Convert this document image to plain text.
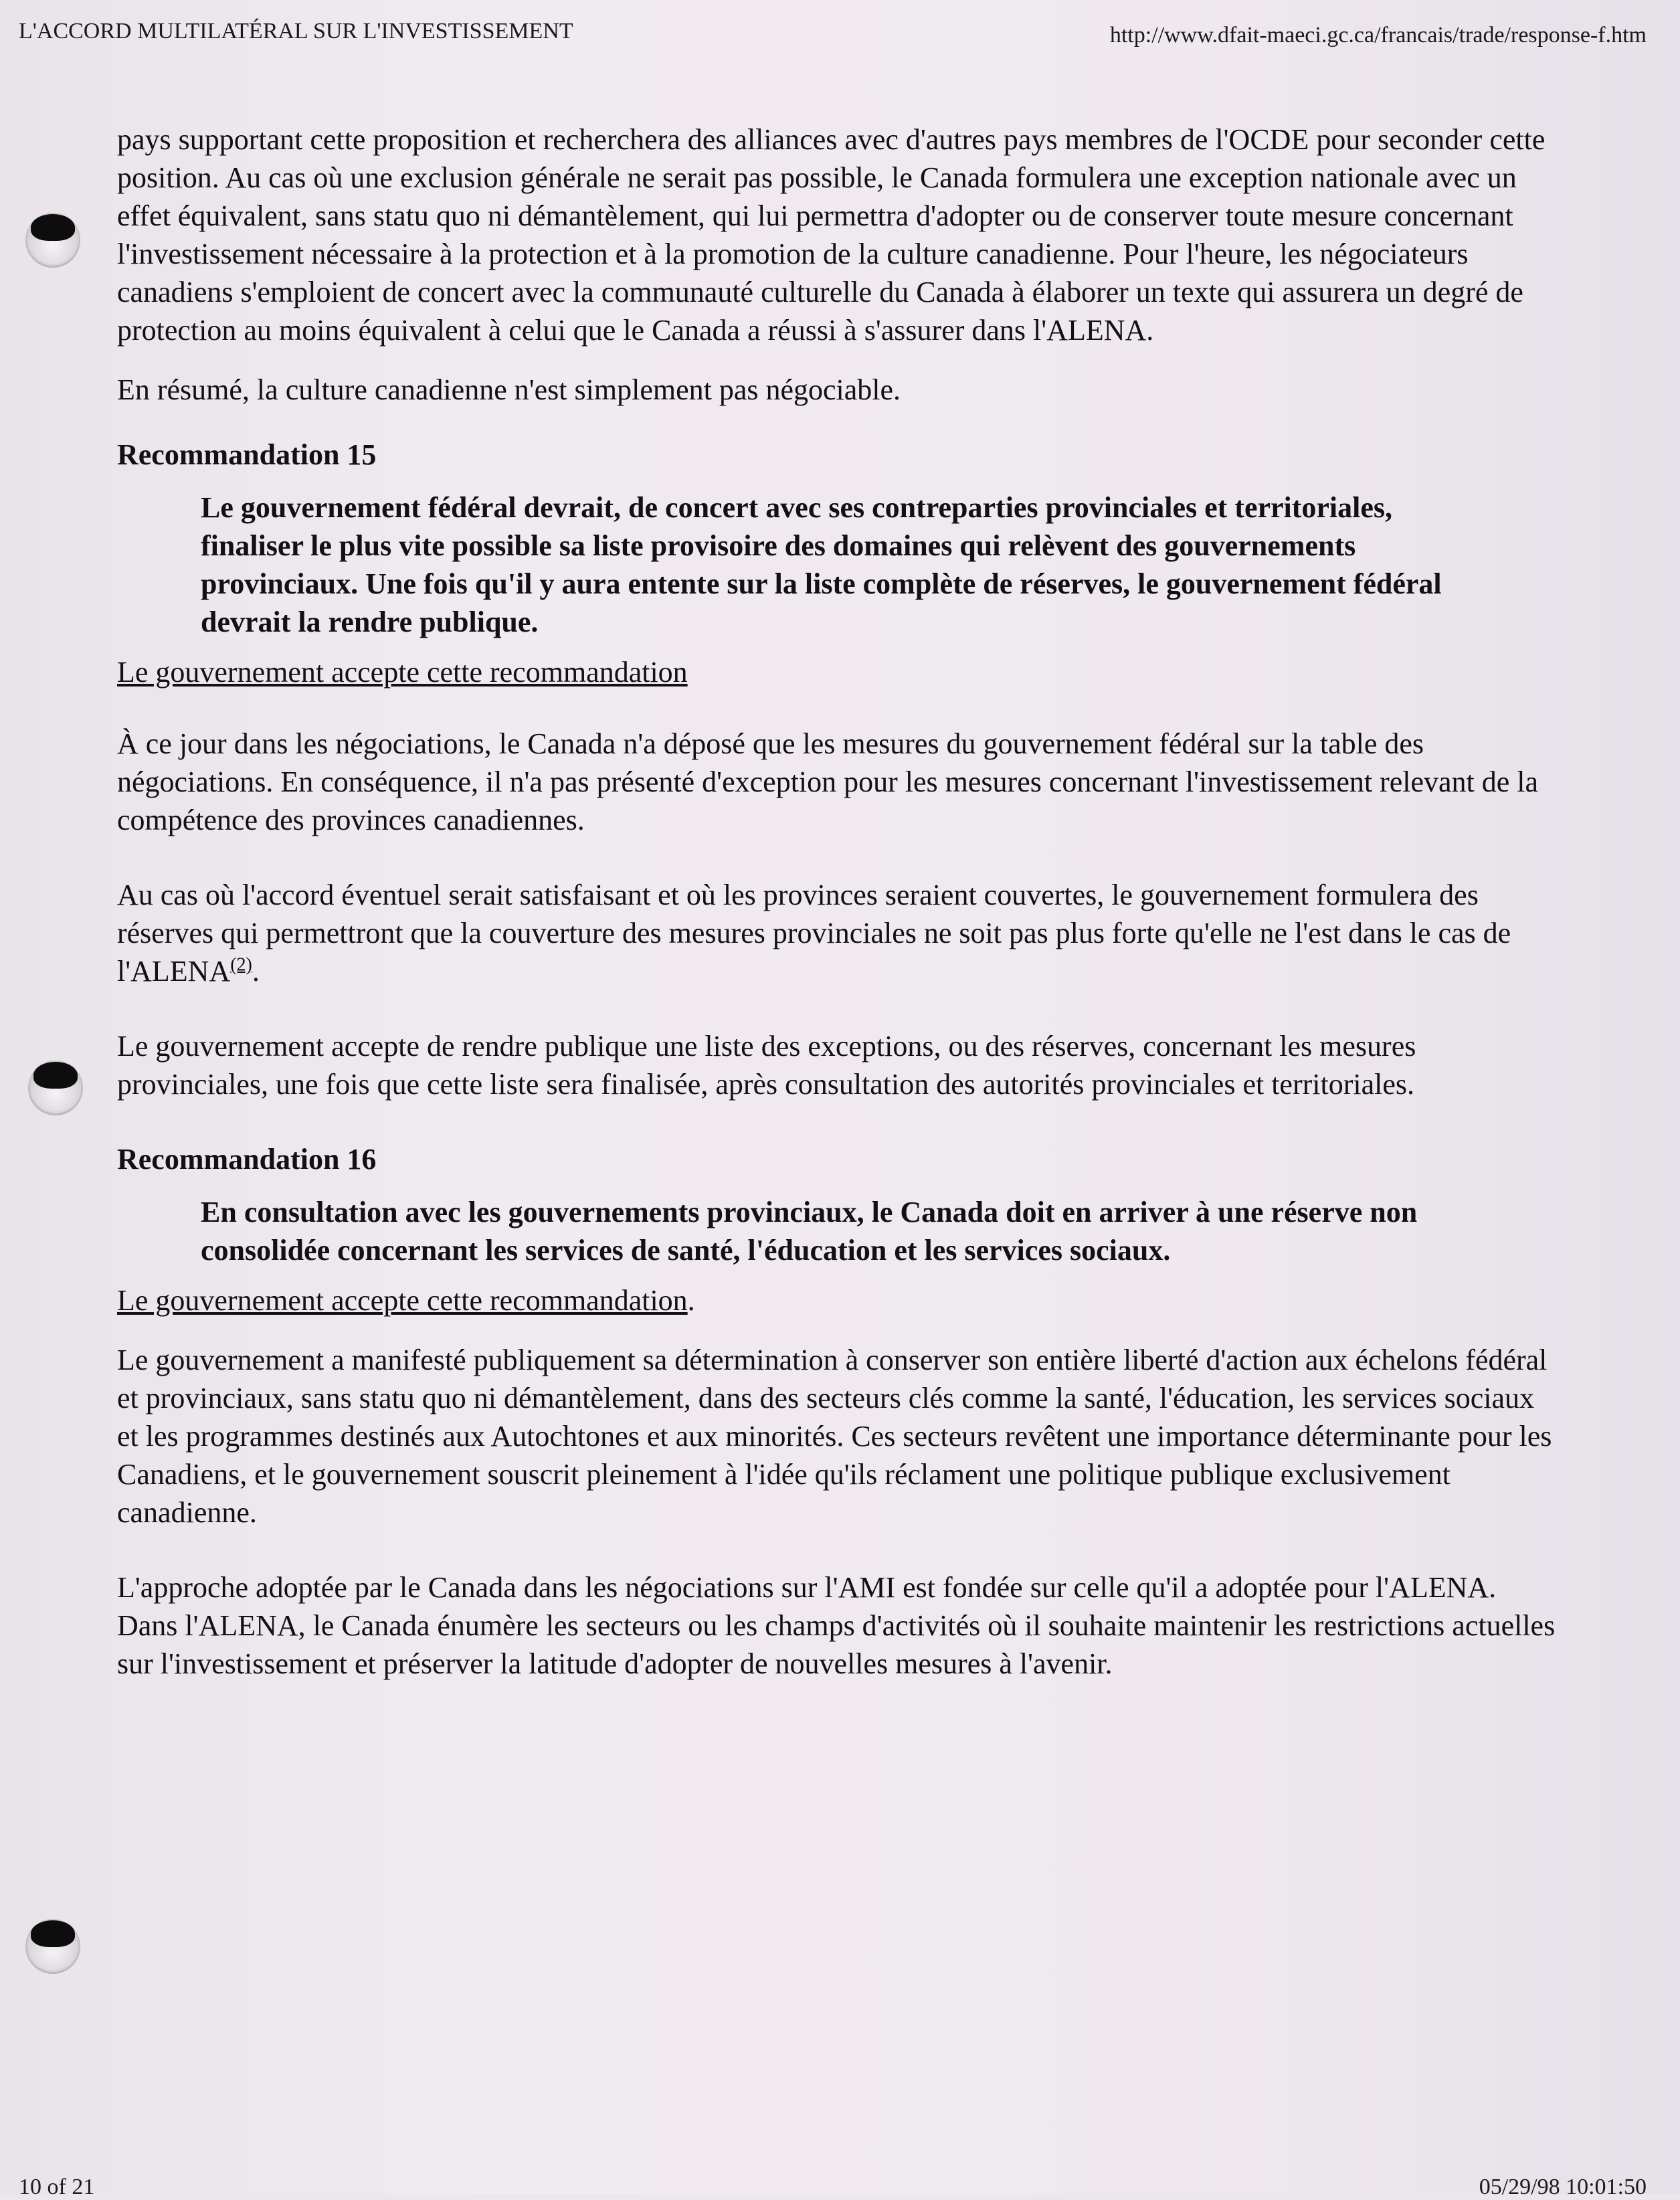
L'ACCORD MULTILATÉRAL SUR L'INVESTISSEMENT	http://www.dfait-maeci.gc.ca/francais/trade/response-f.htm

pays supportant cette proposition et recherchera des alliances avec d'autres pays membres de l'OCDE pour seconder cette position. Au cas où une exclusion générale ne serait pas possible, le Canada formulera une exception nationale avec un effet équivalent, sans statu quo ni démantèlement, qui lui permettra d'adopter ou de conserver toute mesure concernant l'investissement nécessaire à la protection et à la promotion de la culture canadienne. Pour l'heure, les négociateurs canadiens s'emploient de concert avec la communauté culturelle du Canada à élaborer un texte qui assurera un degré de protection au moins équivalent à celui que le Canada a réussi à s'assurer dans l'ALENA.

En résumé, la culture canadienne n'est simplement pas négociable.

Recommandation 15

Le gouvernement fédéral devrait, de concert avec ses contreparties provinciales et territoriales, finaliser le plus vite possible sa liste provisoire des domaines qui relèvent des gouvernements provinciaux. Une fois qu'il y aura entente sur la liste complète de réserves, le gouvernement fédéral devrait la rendre publique.

Le gouvernement accepte cette recommandation

À ce jour dans les négociations, le Canada n'a déposé que les mesures du gouvernement fédéral sur la table des négociations. En conséquence, il n'a pas présenté d'exception pour les mesures concernant l'investissement relevant de la compétence des provinces canadiennes.

Au cas où l'accord éventuel serait satisfaisant et où les provinces seraient couvertes, le gouvernement formulera des réserves qui permettront que la couverture des mesures provinciales ne soit pas plus forte qu'elle ne l'est dans le cas de l'ALENA$^{(2)}$.

Le gouvernement accepte de rendre publique une liste des exceptions, ou des réserves, concernant les mesures provinciales, une fois que cette liste sera finalisée, après consultation des autorités provinciales et territoriales.

Recommandation 16

En consultation avec les gouvernements provinciaux, le Canada doit en arriver à une réserve non consolidée concernant les services de santé, l'éducation et les services sociaux.

Le gouvernement accepte cette recommandation.

Le gouvernement a manifesté publiquement sa détermination à conserver son entière liberté d'action aux échelons fédéral et provinciaux, sans statu quo ni démantèlement, dans des secteurs clés comme la santé, l'éducation, les services sociaux et les programmes destinés aux Autochtones et aux minorités. Ces secteurs revêtent une importance déterminante pour les Canadiens, et le gouvernement souscrit pleinement à l'idée qu'ils réclament une politique publique exclusivement canadienne.

L'approche adoptée par le Canada dans les négociations sur l'AMI est fondée sur celle qu'il a adoptée pour l'ALENA. Dans l'ALENA, le Canada énumère les secteurs ou les champs d'activités où il souhaite maintenir les restrictions actuelles sur l'investissement et préserver la latitude d'adopter de nouvelles mesures à l'avenir.

10 of 21	05/29/98 10:01:50
